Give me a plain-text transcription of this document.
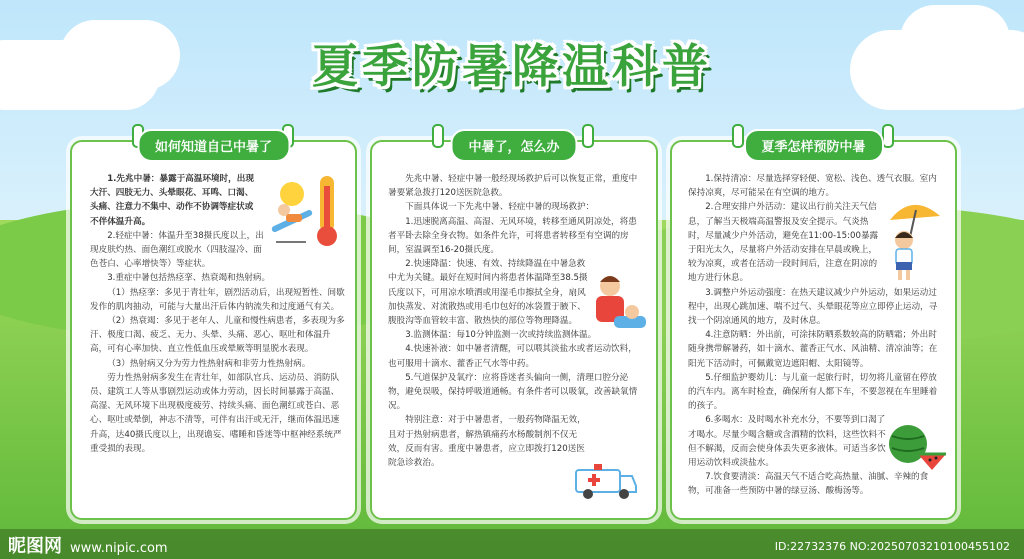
夏季防暑降温科普
如何知道自己中暑了

1.先兆中暑：暴露于高温环境时，出现大汗、四肢无力、头晕眼花、耳鸣、口渴、头痛、注意力不集中、动作不协调等症状或不伴体温升高。

2.轻症中暑：体温升至38摄氏度以上，出现皮肤灼热、面色潮红或脱水（四肢湿冷、面色苍白、心率增快等）等症状。

3.重症中暑包括热痉挛、热衰竭和热射病。

（1）热痉挛：多见于青壮年，剧烈活动后，出现短暂性、间歇发作的肌肉抽动，可能与大量出汗后体内钠流失和过度通气有关。

（2）热衰竭：多见于老年人、儿童和慢性病患者，多表现为多汗、极度口渴、疲乏、无力、头晕、头痛、恶心、呕吐和体温升高，可有心率加快、直立性低血压或晕厥等明显脱水表现。

（3）热射病又分为劳力性热射病和非劳力性热射病。

劳力性热射病多发生在青壮年，如部队官兵、运动员、消防队员、建筑工人等从事剧烈运动或体力劳动，因长时间暴露于高温、高湿、无风环境下出现极度疲劳、持续头痛、面色潮红或苍白、恶心、呕吐或晕倒，神志不清等，可伴有出汗或无汗，继而体温迅速升高，达40摄氏度以上，出现谵妄、嗜睡和昏迷等中枢神经系统严重受损的表现。

中暑了，怎么办

先兆中暑、轻症中暑一般经现场救护后可以恢复正常，重度中暑要紧急拨打120送医院急救。

下面具体说一下先兆中暑、轻症中暑的现场救护：

1.迅速脱离高温、高湿、无风环境，转移至通风阴凉处，将患者平卧去除全身衣物。如条件允许，可将患者转移至有空调的房间，室温调至16-20摄氏度。

2.快速降温：快速、有效、持续降温在中暑急救中尤为关键。最好在短时间内将患者体温降至38.5摄氏度以下，可用凉水喷洒或用湿毛巾擦拭全身，扇风加快蒸发、对流散热或用毛巾包好的冰袋置于腋下、腹股沟等血管较丰富、散热快的部位等物理降温。

3.监测体温：每10分钟监测一次或持续监测体温。

4.快速补液：如中暑者清醒，可以喂其淡盐水或者运动饮料，也可服用十滴水、藿香正气水等中药。

5.气道保护及氧疗：应将昏迷者头偏向一侧，清理口腔分泌物，避免误吸，保持呼吸道通畅。有条件者可以吸氧，改善缺氧情况。

特别注意：对于中暑患者，一般药物降温无效，且对于热射病患者，解热镇痛药水杨酸制剂不仅无效，反而有害。重度中暑患者，应立即拨打120送医院急诊救治。

夏季怎样预防中暑

1.保持清凉：尽量选择穿轻便、宽松、浅色、透气衣服。室内保持凉爽，尽可能呆在有空调的地方。

2.合理安排户外活动：建议出行前关注天气信息，了解当天极端高温警报及安全提示。气炎热时，尽量减少户外活动，避免在11:00-15:00暴露于阳光太久，尽量将户外活动安排在早晨或晚上，较为凉爽，或者在活动一段时间后，注意在阴凉的地方进行休息。

3.调整户外运动强度：在热天建议减少户外运动，如果运动过程中，出现心跳加速、喘不过气、头晕眼花等应立即停止运动，寻找一个阴凉通风的地方，及时休息。

4.注意防晒：外出前，可涂抹防晒系数较高的防晒霜；外出时随身携带解暑药，如十滴水、藿香正气水、风油精、清凉油等；在阳光下活动时，可佩戴宽边遮阳帽、太阳镜等。

5.仔细监护婴幼儿：与儿童一起旅行时，切勿将儿童留在停放的汽车内。离车时检查，确保所有人都下车，不要忽视在车里睡着的孩子。

6.多喝水：及时喝水补充水分，不要等到口渴了才喝水。尽量少喝含糖或含酒精的饮料，这些饮料不但不解渴，反而会使身体丢失更多液体。可适当多饮用运动饮料或淡盐水。

7.饮食要清淡：高温天气不适合吃高热量、油腻、辛辣的食物，可准备一些预防中暑的绿豆汤、酸梅汤等。

昵图网 www.nipic.com	ID:22732376 NO:20250703210100455102
